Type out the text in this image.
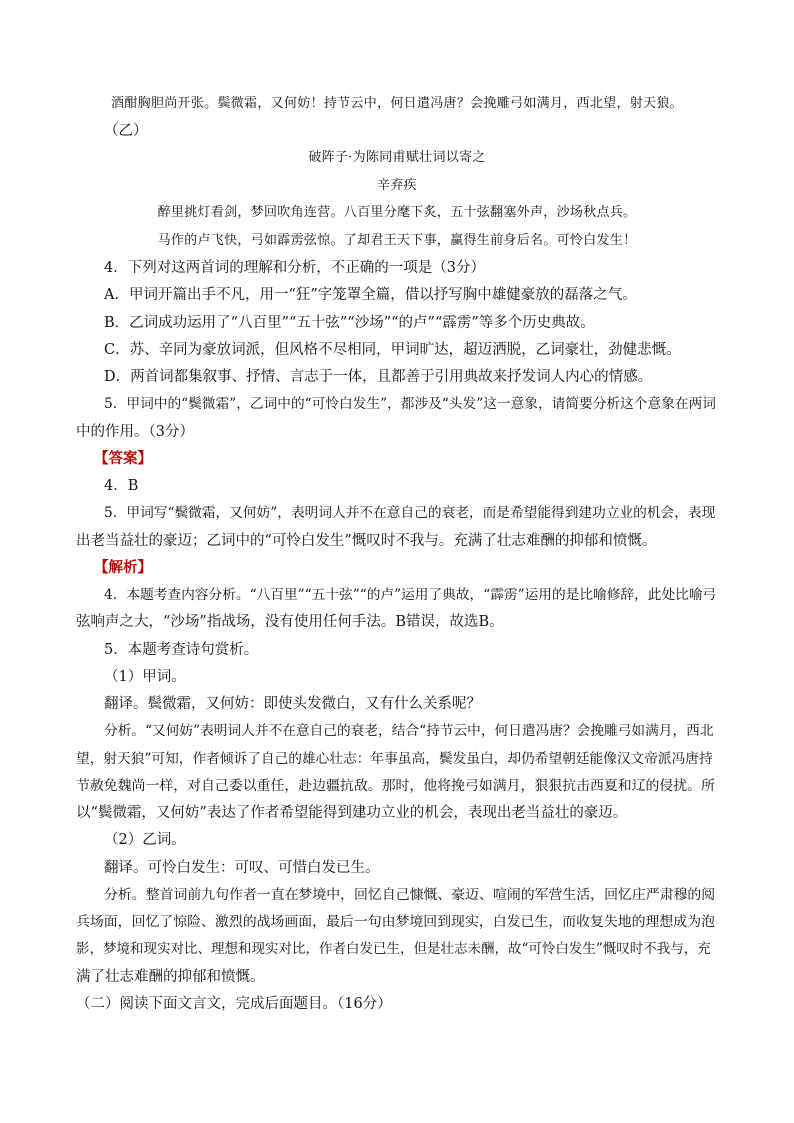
酒酣胸胆尚开张。鬓微霜，又何妨！持节云中，何日遣冯唐？会挽雕弓如满月，西北望，射天狼。
（乙）
破阵子·为陈同甫赋壮词以寄之
辛弃疾
醉里挑灯看剑，梦回吹角连营。八百里分麾下炙，五十弦翻塞外声，沙场秋点兵。
马作的卢飞快，弓如霹雳弦惊。了却君王天下事，赢得生前身后名。可怜白发生！
4．下列对这两首词的理解和分析，不正确的一项是（3分）
A．甲词开篇出手不凡，用一“狂”字笼罩全篇，借以抒写胸中雄健豪放的磊落之气。
B．乙词成功运用了“八百里”“五十弦”“沙场”“的卢”“霹雳”等多个历史典故。
C．苏、辛同为豪放词派，但风格不尽相同，甲词旷达，超迈洒脱，乙词豪壮，劲健悲慨。
D．两首词都集叙事、抒情、言志于一体，且都善于引用典故来抒发词人内心的情感。
5．甲词中的“鬓微霜”，乙词中的“可怜白发生”，都涉及“头发”这一意象，请简要分析这个意象在两词
中的作用。（3分）
【答案】
4．B
5．甲词写“鬓微霜，又何妨”，表明词人并不在意自己的衰老，而是希望能得到建功立业的机会，表现
出老当益壮的豪迈；乙词中的“可怜白发生”慨叹时不我与。充满了壮志难酬的抑郁和愤慨。
【解析】
4．本题考查内容分析。“八百里”“五十弦”“的卢”运用了典故，“霹雳”运用的是比喻修辞，此处比喻弓
弦响声之大，“沙场”指战场，没有使用任何手法。B错误，故选B。
5．本题考查诗句赏析。
（1）甲词。
翻译。鬓微霜，又何妨：即使头发微白，又有什么关系呢？
分析。“又何妨”表明词人并不在意自己的衰老，结合“持节云中，何日遣冯唐？会挽雕弓如满月，西北
望，射天狼”可知，作者倾诉了自己的雄心壮志：年事虽高，鬓发虽白，却仍希望朝廷能像汉文帝派冯唐持
节赦免魏尚一样，对自己委以重任，赴边疆抗敌。那时，他将挽弓如满月，狠狠抗击西夏和辽的侵扰。所
以“鬓微霜，又何妨”表达了作者希望能得到建功立业的机会，表现出老当益壮的豪迈。
（2）乙词。
翻译。可怜白发生：可叹、可惜白发已生。
分析。整首词前九句作者一直在梦境中，回忆自己慷慨、豪迈、喧闹的军营生活，回忆庄严肃穆的阅
兵场面，回忆了惊险、激烈的战场画面，最后一句由梦境回到现实，白发已生，而收复失地的理想成为泡
影，梦境和现实对比、理想和现实对比，作者白发已生，但是壮志未酬，故“可怜白发生”慨叹时不我与，充
满了壮志难酬的抑郁和愤慨。
（二）阅读下面文言文，完成后面题目。（16分）
